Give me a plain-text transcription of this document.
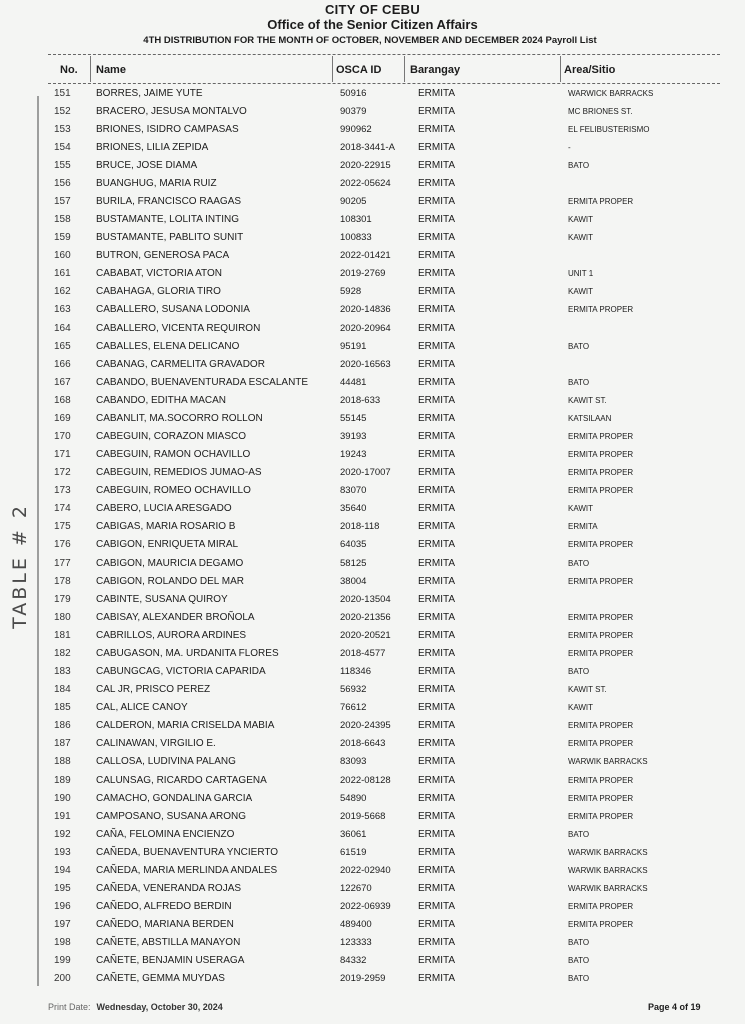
CITY OF CEBU
Office of the Senior Citizen Affairs
4TH DISTRIBUTION FOR THE MONTH OF OCTOBER, NOVEMBER AND DECEMBER 2024 Payroll List
No. Name	OSCA ID	Barangay	Area/Sitio
TABLE # 2
151	BORRES, JAIME YUTE	50916	ERMITA	WARWICK BARRACKS
152	BRACERO, JESUSA MONTALVO	90379	ERMITA	MC BRIONES ST.
153	BRIONES, ISIDRO CAMPASAS	990962	ERMITA	EL FELIBUSTERISMO
154	BRIONES, LILIA ZEPIDA	2018-3441-A	ERMITA	-
155	BRUCE, JOSE DIAMA	2020-22915	ERMITA	BATO
156	BUANGHUG, MARIA RUIZ	2022-05624	ERMITA	
157	BURILA, FRANCISCO RAAGAS	90205	ERMITA	ERMITA PROPER
158	BUSTAMANTE, LOLITA INTING	108301	ERMITA	KAWIT
159	BUSTAMANTE, PABLITO SUNIT	100833	ERMITA	KAWIT
160	BUTRON, GENEROSA PACA	2022-01421	ERMITA	
161	CABABAT, VICTORIA ATON	2019-2769	ERMITA	UNIT 1
162	CABAHAGA, GLORIA TIRO	5928	ERMITA	KAWIT
163	CABALLERO, SUSANA LODONIA	2020-14836	ERMITA	ERMITA PROPER
164	CABALLERO, VICENTA REQUIRON	2020-20964	ERMITA	
165	CABALLES, ELENA DELICANO	95191	ERMITA	BATO
166	CABANAG, CARMELITA GRAVADOR	2020-16563	ERMITA	
167	CABANDO, BUENAVENTURADA ESCALANTE	44481	ERMITA	BATO
168	CABANDO, EDITHA MACAN	2018-633	ERMITA	KAWIT ST.
169	CABANLIT, MA.SOCORRO ROLLON	55145	ERMITA	KATSILAAN
170	CABEGUIN, CORAZON MIASCO	39193	ERMITA	ERMITA PROPER
171	CABEGUIN, RAMON OCHAVILLO	19243	ERMITA	ERMITA PROPER
172	CABEGUIN, REMEDIOS JUMAO-AS	2020-17007	ERMITA	ERMITA PROPER
173	CABEGUIN, ROMEO OCHAVILLO	83070	ERMITA	ERMITA PROPER
174	CABERO, LUCIA ARESGADO	35640	ERMITA	KAWIT
175	CABIGAS, MARIA ROSARIO B	2018-118	ERMITA	ERMITA
176	CABIGON, ENRIQUETA MIRAL	64035	ERMITA	ERMITA PROPER
177	CABIGON, MAURICIA DEGAMO	58125	ERMITA	BATO
178	CABIGON, ROLANDO DEL MAR	38004	ERMITA	ERMITA PROPER
179	CABINTE, SUSANA QUIROY	2020-13504	ERMITA	
180	CABISAY, ALEXANDER BROÑOLA	2020-21356	ERMITA	ERMITA PROPER
181	CABRILLOS, AURORA ARDINES	2020-20521	ERMITA	ERMITA PROPER
182	CABUGASON, MA. URDANITA FLORES	2018-4577	ERMITA	ERMITA PROPER
183	CABUNGCAG, VICTORIA CAPARIDA	118346	ERMITA	BATO
184	CAL JR, PRISCO PEREZ	56932	ERMITA	KAWIT ST.
185	CAL, ALICE CANOY	76612	ERMITA	KAWIT
186	CALDERON, MARIA CRISELDA MABIA	2020-24395	ERMITA	ERMITA PROPER
187	CALINAWAN, VIRGILIO E.	2018-6643	ERMITA	ERMITA PROPER
188	CALLOSA, LUDIVINA PALANG	83093	ERMITA	WARWIK BARRACKS
189	CALUNSAG, RICARDO CARTAGENA	2022-08128	ERMITA	ERMITA PROPER
190	CAMACHO, GONDALINA GARCIA	54890	ERMITA	ERMITA PROPER
191	CAMPOSANO, SUSANA ARONG	2019-5668	ERMITA	ERMITA PROPER
192	CAÑA, FELOMINA ENCIENZO	36061	ERMITA	BATO
193	CAÑEDA, BUENAVENTURA YNCIERTO	61519	ERMITA	WARWIK BARRACKS
194	CAÑEDA, MARIA MERLINDA ANDALES	2022-02940	ERMITA	WARWIK BARRACKS
195	CAÑEDA, VENERANDA ROJAS	122670	ERMITA	WARWIK BARRACKS
196	CAÑEDO, ALFREDO BERDIN	2022-06939	ERMITA	ERMITA PROPER
197	CAÑEDO, MARIANA BERDEN	489400	ERMITA	ERMITA PROPER
198	CAÑETE, ABSTILLA MANAYON	123333	ERMITA	BATO
199	CAÑETE, BENJAMIN USERAGA	84332	ERMITA	BATO
200	CAÑETE, GEMMA MUYDAS	2019-2959	ERMITA	BATO
Print Date: Wednesday, October 30, 2024	Page 4 of 19
